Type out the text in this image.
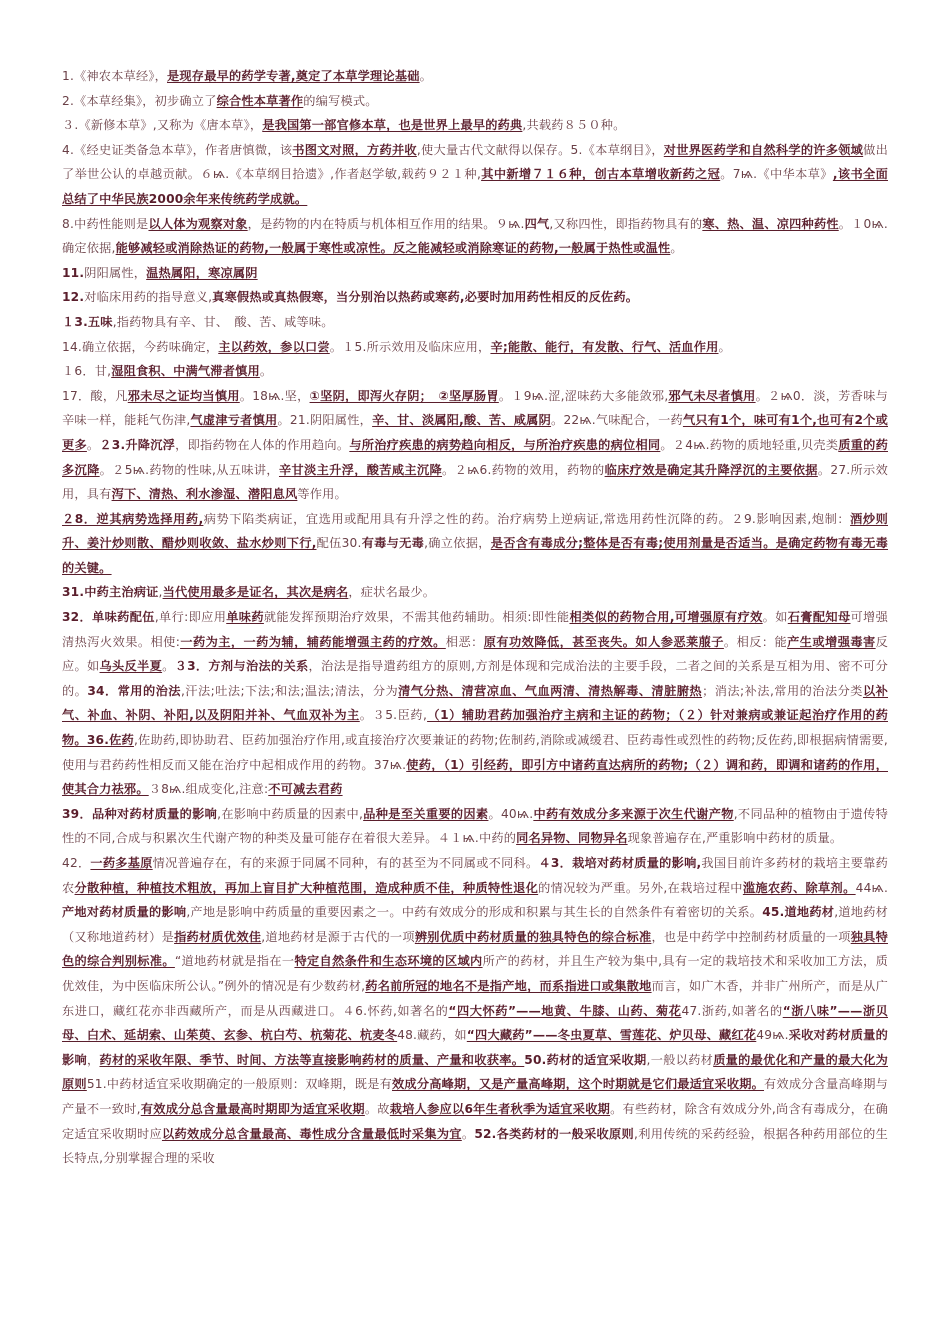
1.《神农本草经》，是现存最早的药学专著,奠定了本草学理论基础。

2.《本草经集》，初步确立了综合性本草著作的编写模式。

３.《新修本草》,又称为《唐本草》，是我国第一部官修本草，也是世界上最早的药典,共载药８５０种。

4.《经史证类备急本草》，作者唐慎微，该书图文对照，方药并收,使大量古代文献得以保存。5.《本草纲目》，对世界医药学和自然科学的许多领域做出了举世公认的卓越贡献。６ѩ.《本草纲目拾遗》,作者赵学敏,载药９２１种,其中新增７１６种，创古本草增收新药之冠。7ѩ.《中华本草》,该书全面总结了中华民族2000余年来传统药学成就。

8.中药性能则是以人体为观察对象，是药物的内在特质与机体相互作用的结果。９ѩ.四气,又称四性，即指药物具有的寒、热、温、凉四种药性。１0ѩ.确定依据,能够减轻或消除热证的药物,一般属于寒性或凉性。反之能减轻或消除寒证的药物,一般属于热性或温性。

11.阴阳属性，温热属阳，寒凉属阴

12.对临床用药的指导意义,真寒假热或真热假寒，当分别治以热药或寒药,必要时加用药性相反的反佐药。

１3.五味,指药物具有辛、甘、　酸、苦、咸等味。

14.确立依据，今药味确定，主以药效，参以口尝。１5.所示效用及临床应用，辛;能散、能行，有发散、行气、活血作用。

１6．甘,湿阻食积、中满气滞者慎用。

17．酸，凡邪未尽之证均当慎用。18ѩ.坚，①坚阴，即泻火存阴；　②坚厚肠胃。１9ѩ.涩,涩味药大多能敛邪,邪气未尽者慎用。２ѩ0．淡，芳香味与辛味一样，能耗气伤津,气虚津亏者慎用。21.阴阳属性，辛、甘、淡属阳,酸、苦、咸属阴。22ѩ.气味配合，一药气只有1个，味可有1个,也可有2个或更多。２3.升降沉浮，即指药物在人体的作用趋向。与所治疗疾患的病势趋向相反，与所治疗疾患的病位相同。２4ѩ.药物的质地轻重,贝壳类质重的药多沉降。２5ѩ.药物的性味,从五味讲，辛甘淡主升浮，酸苦咸主沉降。２ѩ6.药物的效用，药物的临床疗效是确定其升降浮沉的主要依据。27.所示效用，具有泻下、清热、利水渗湿、潜阳息风等作用。

２8．逆其病势选择用药,病势下陷类病证，宜选用或配用具有升浮之性的药。治疗病势上逆病证,常选用药性沉降的药。２9.影响因素,炮制：酒炒则升、姜汁炒则散、醋炒则收敛、盐水炒则下行,配伍30.有毒与无毒,确立依据，是否含有毒成分;整体是否有毒;使用剂量是否适当。是确定药物有毒无毒的关键。

31.中药主治病证,当代使用最多是证名，其次是病名，症状名最少。

32．单味药配伍,单行:即应用单味药就能发挥预期治疗效果，不需其他药辅助。相须:即性能相类似的药物合用,可增强原有疗效。如石膏配知母可增强清热泻火效果。相使:一药为主，一药为辅，辅药能增强主药的疗效。相恶：原有功效降低，甚至丧失。如人参恶莱菔子。相反：能产生或增强毒害反应。如乌头反半夏。３3．方剂与治法的关系，治法是指导遣药组方的原则,方剂是体现和完成治法的主要手段，二者之间的关系是互相为用、密不可分的。34．常用的治法,汗法;吐法;下法;和法;温法;清法，分为清气分热、清营凉血、气血两清、清热解毒、清脏腑热；消法;补法,常用的治法分类以补气、补血、补阴、补阳,以及阴阳并补、气血双补为主。３5.臣药,（1）辅助君药加强治疗主病和主证的药物；（２）针对兼病或兼证起治疗作用的药物。36.佐药,佐助药,即协助君、臣药加强治疗作用,或直接治疗次要兼证的药物;佐制药,消除或减缓君、臣药毒性或烈性的药物;反佐药,即根据病情需要,使用与君药药性相反而又能在治疗中起相成作用的药物。37ѩ.使药，（1）引经药，即引方中诸药直达病所的药物;（２）调和药，即调和诸药的作用，使其合力祛邪。３8ѩ.组成变化,注意:不可减去君药

39．品种对药材质量的影响,在影响中药质量的因素中,品种是至关重要的因素。40ѩ.中药有效成分多来源于次生代谢产物,不同品种的植物由于遗传特性的不同,合成与积累次生代谢产物的种类及量可能存在着很大差异。４１ѩ.中药的同名异物、同物异名现象普遍存在,严重影响中药材的质量。

42．一药多基原情况普遍存在，有的来源于同属不同种，有的甚至为不同属或不同科。４3．栽培对药材质量的影响,我国目前许多药材的栽培主要靠药农分散种植，种植技术粗放，再加上盲目扩大种植范围，造成种质不佳，种质特性退化的情况较为严重。另外,在栽培过程中滥施农药、除草剂。44ѩ.产地对药材质量的影响,产地是影响中药质量的重要因素之一。中药有效成分的形成和积累与其生长的自然条件有着密切的关系。45.道地药材,道地药材（又称地道药材）是指药材质优效佳,道地药材是源于古代的一项辨别优质中药材质量的独具特色的综合标准，也是中药学中控制药材质量的一项独具特色的综合判别标准。“道地药材就是指在一特定自然条件和生态环境的区域内所产的药材，并且生产较为集中,具有一定的栽培技术和采收加工方法，质优效佳，为中医临床所公认。”例外的情况是有少数药材,药名前所冠的地名不是指产地，而系指进口或集散地而言，如广木香，并非广州所产，而是从广东进口，藏红花亦非西藏所产，而是从西藏进口。４6.怀药,如著名的“四大怀药”——地黄、牛膝、山药、菊花47.浙药,如著名的“浙八味”——浙贝母、白术、延胡索、山茱萸、玄参、杭白芍、杭菊花、杭麦冬48.藏药，如“四大藏药”——冬虫夏草、雪莲花、炉贝母、藏红花49ѩ.采收对药材质量的影响，药材的采收年限、季节、时间、方法等直接影响药材的质量、产量和收获率。50.药材的适宜采收期,一般以药材质量的最优化和产量的最大化为原则51.中药材适宜采收期确定的一般原则：双峰期，既是有效成分高峰期，又是产量高峰期，这个时期就是它们最适宜采收期。有效成分含量高峰期与产量不一致时,有效成分总含量最高时期即为适宜采收期。故栽培人参应以6年生者秋季为适宜采收期。有些药材，除含有效成分外,尚含有毒成分，在确定适宜采收期时应以药效成分总含量最高、毒性成分含量最低时采集为宜。52.各类药材的一般采收原则,利用传统的采药经验，根据各种药用部位的生长特点,分别掌握合理的采收
